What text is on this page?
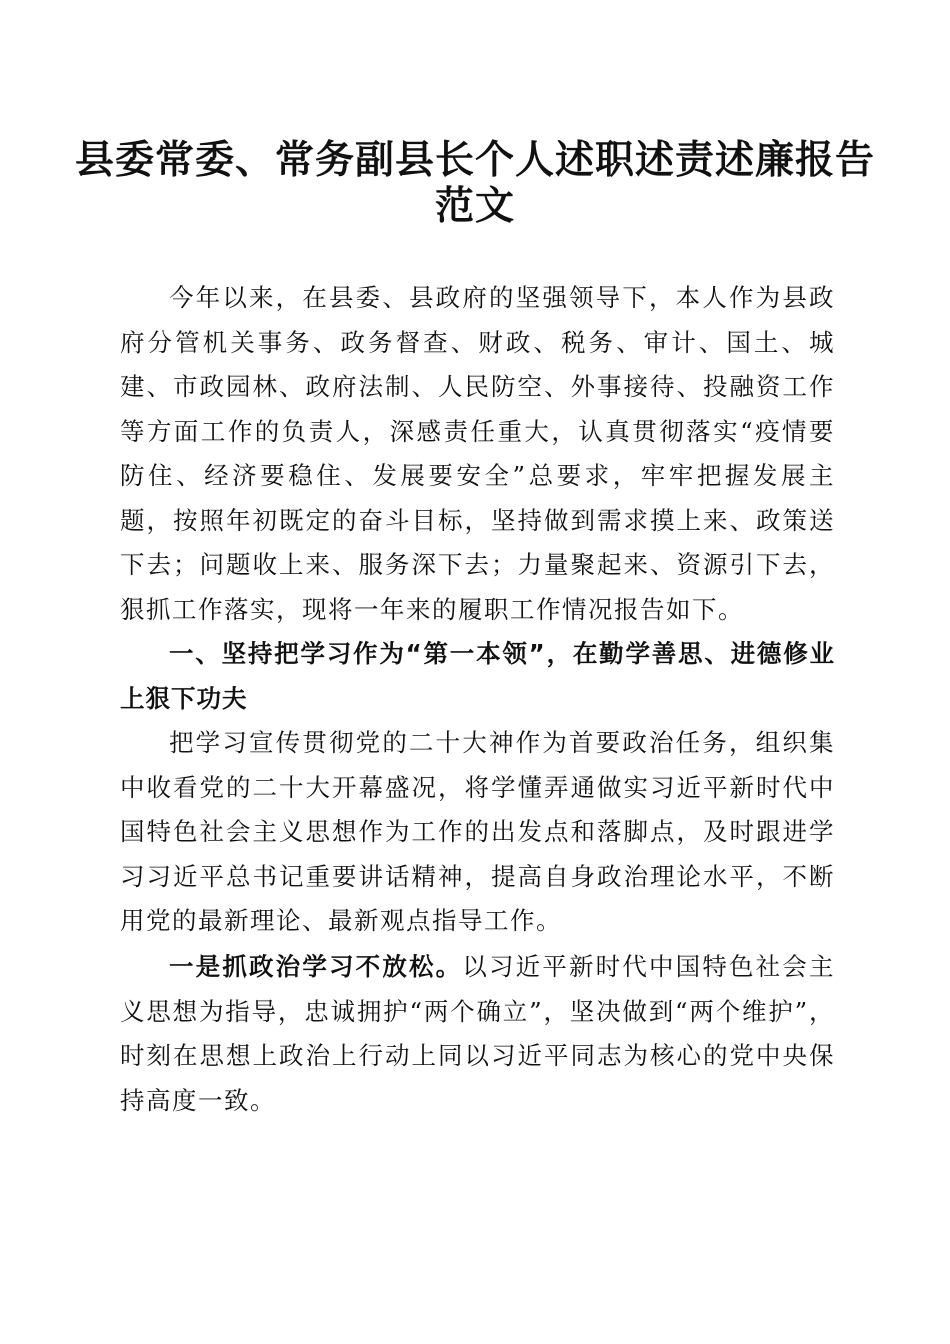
县委常委、常务副县长个人述职述责述廉报告
范文

今年以来，在县委、县政府的坚强领导下，本人作为县政府分管机关事务、政务督查、财政、税务、审计、国土、城建、市政园林、政府法制、人民防空、外事接待、投融资工作等方面工作的负责人，深感责任重大，认真贯彻落实“疫情要防住、经济要稳住、发展要安全”总要求，牢牢把握发展主题，按照年初既定的奋斗目标，坚持做到需求摸上来、政策送下去；问题收上来、服务深下去；力量聚起来、资源引下去，狠抓工作落实，现将一年来的履职工作情况报告如下。

一、坚持把学习作为“第一本领”，在勤学善思、进德修业上狠下功夫

把学习宣传贯彻党的二十大神作为首要政治任务，组织集中收看党的二十大开幕盛况，将学懂弄通做实习近平新时代中国特色社会主义思想作为工作的出发点和落脚点，及时跟进学习习近平总书记重要讲话精神，提高自身政治理论水平，不断用党的最新理论、最新观点指导工作。

一是抓政治学习不放松。以习近平新时代中国特色社会主义思想为指导，忠诚拥护“两个确立”，坚决做到“两个维护”，时刻在思想上政治上行动上同以习近平同志为核心的党中央保持高度一致。
